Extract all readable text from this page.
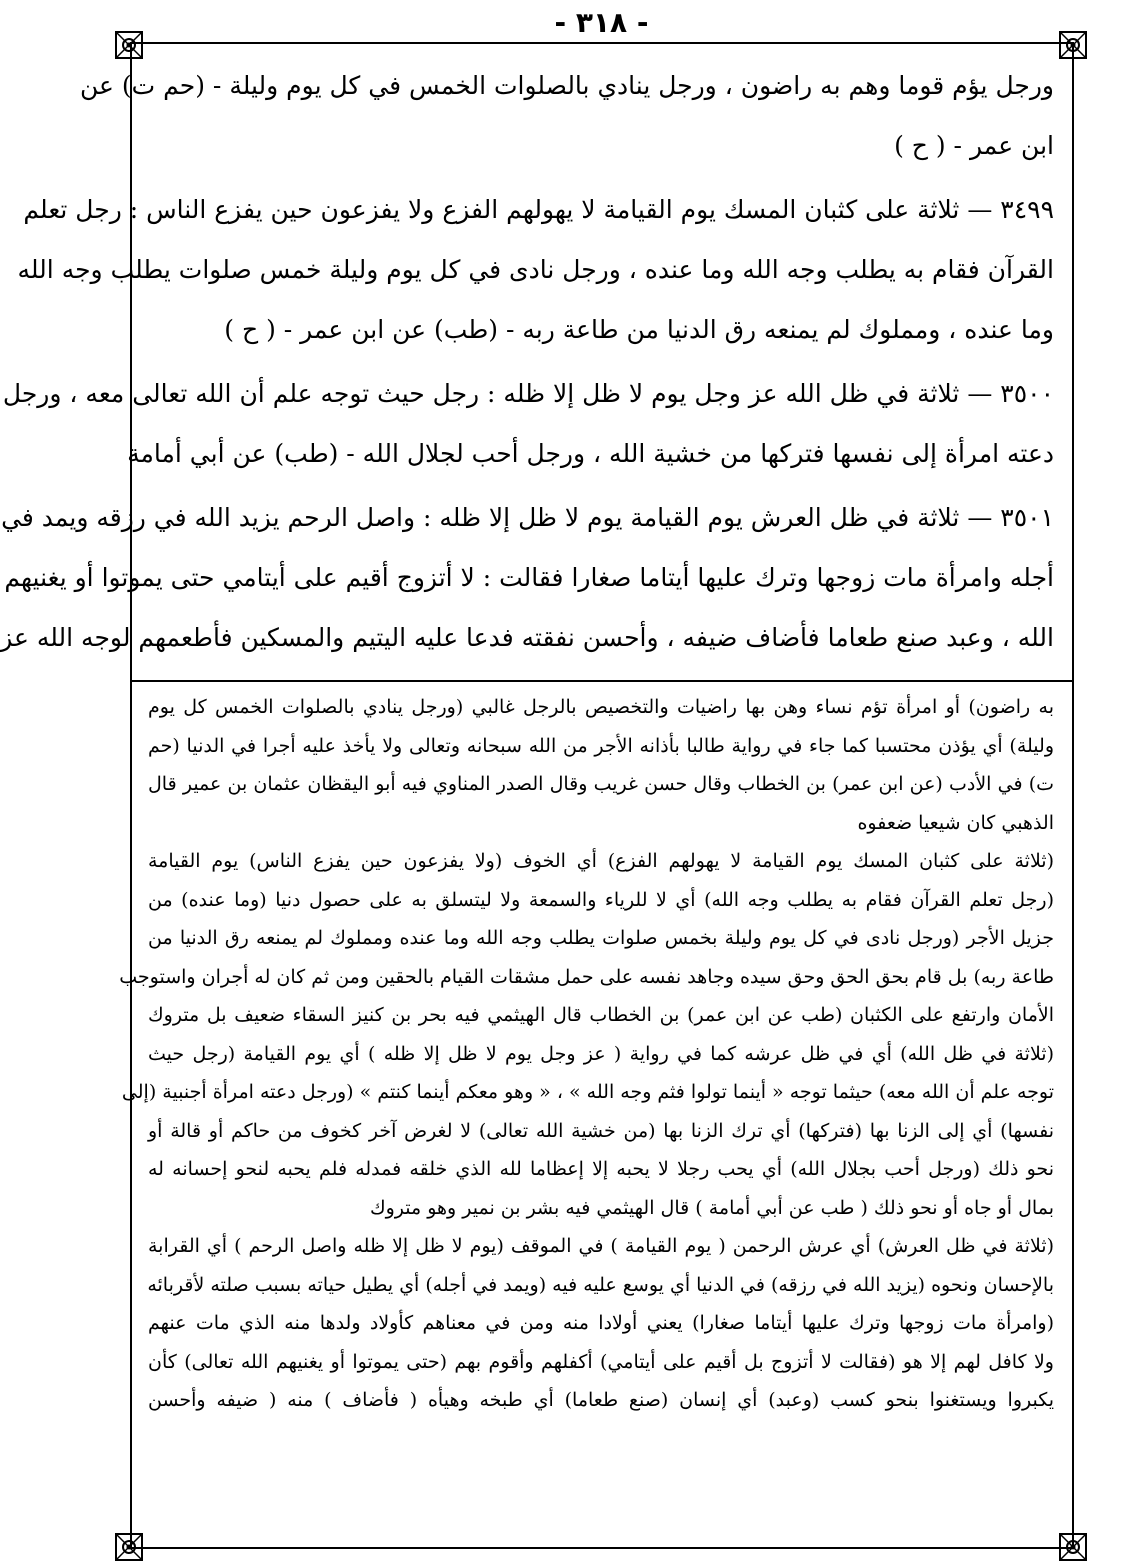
- ٣١٨ -
ورجل يؤم قوما وهم به راضون ، ورجل ينادي بالصلوات الخمس في كل يوم وليلة - (حم ت) عن
ابن عمر - ( ح )
٣٤٩٩ — ثلاثة على كثبان المسك يوم القيامة لا يهولهم الفزع ولا يفزعون حين يفزع الناس : رجل تعلم
القرآن فقام به يطلب وجه الله وما عنده ، ورجل نادى في كل يوم وليلة خمس صلوات يطلب وجه الله
وما عنده ، ومملوك لم يمنعه رق الدنيا من طاعة ربه - (طب) عن ابن عمر - ( ح )
٣٥٠٠ — ثلاثة في ظل الله عز وجل يوم لا ظل إلا ظله : رجل حيث توجه علم أن الله تعالى معه ، ورجل
دعته امرأة إلى نفسها فتركها من خشية الله ، ورجل أحب لجلال الله - (طب) عن أبي أمامة
٣٥٠١ — ثلاثة في ظل العرش يوم القيامة يوم لا ظل إلا ظله : واصل الرحم يزيد الله في رزقه ويمد في
أجله وامرأة مات زوجها وترك عليها أيتاما صغارا فقالت : لا أتزوج أقيم على أيتامي حتى يموتوا أو يغنيهم
الله ، وعبد صنع طعاما فأضاف ضيفه ، وأحسن نفقته فدعا عليه اليتيم والمسكين فأطعمهم لوجه الله عز
به راضون) أو امرأة تؤم نساء وهن بها راضيات والتخصيص بالرجل غالبي (ورجل ينادي بالصلوات الخمس كل يوم
وليلة) أي يؤذن محتسبا كما جاء في رواية طالبا بأذانه الأجر من الله سبحانه وتعالى ولا يأخذ عليه أجرا في الدنيا (حم
ت) في الأدب (عن ابن عمر) بن الخطاب وقال حسن غريب وقال الصدر المناوي فيه أبو اليقظان عثمان بن عمير قال
الذهبي كان شيعيا ضعفوه
(ثلاثة على كثبان المسك يوم القيامة لا يهولهم الفزع) أي الخوف (ولا يفزعون حين يفزع الناس) يوم القيامة
(رجل تعلم القرآن فقام به يطلب وجه الله) أي لا للرياء والسمعة ولا ليتسلق به على حصول دنيا (وما عنده) من
جزيل الأجر (ورجل نادى في كل يوم وليلة بخمس صلوات يطلب وجه الله وما عنده ومملوك لم يمنعه رق الدنيا من
طاعة ربه) بل قام بحق الحق وحق سيده وجاهد نفسه على حمل مشقات القيام بالحقين ومن ثم كان له أجران واستوجب
الأمان وارتفع على الكثبان (طب عن ابن عمر) بن الخطاب قال الهيثمي فيه بحر بن كنيز السقاء ضعيف بل متروك
(ثلاثة في ظل الله) أي في ظل عرشه كما في رواية ( عز وجل يوم لا ظل إلا ظله ) أي يوم القيامة (رجل حيث
توجه علم أن الله معه) حيثما توجه « أينما تولوا فثم وجه الله » ، « وهو معكم أينما كنتم » (ورجل دعته امرأة أجنبية (إلى
نفسها) أي إلى الزنا بها (فتركها) أي ترك الزنا بها (من خشية الله تعالى) لا لغرض آخر كخوف من حاكم أو قالة أو
نحو ذلك (ورجل أحب بجلال الله) أي يحب رجلا لا يحبه إلا إعظاما لله الذي خلقه فمدله فلم يحبه لنحو إحسانه له
بمال أو جاه أو نحو ذلك ( طب عن أبي أمامة ) قال الهيثمي فيه بشر بن نمير وهو متروك
(ثلاثة في ظل العرش) أي عرش الرحمن ( يوم القيامة ) في الموقف (يوم لا ظل إلا ظله واصل الرحم ) أي القرابة
بالإحسان ونحوه (يزيد الله في رزقه) في الدنيا أي يوسع عليه فيه (ويمد في أجله) أي يطيل حياته بسبب صلته لأقربائه
(وامرأة مات زوجها وترك عليها أيتاما صغارا) يعني أولادا منه ومن في معناهم كأولاد ولدها منه الذي مات عنهم
ولا كافل لهم إلا هو (فقالت لا أتزوج بل أقيم على أيتامي) أكفلهم وأقوم بهم (حتى يموتوا أو يغنيهم الله تعالى) كأن
يكبروا ويستغنوا بنحو كسب (وعبد) أي إنسان (صنع طعاما) أي طبخه وهيأه ( فأضاف ) منه ( ضيفه وأحسن
